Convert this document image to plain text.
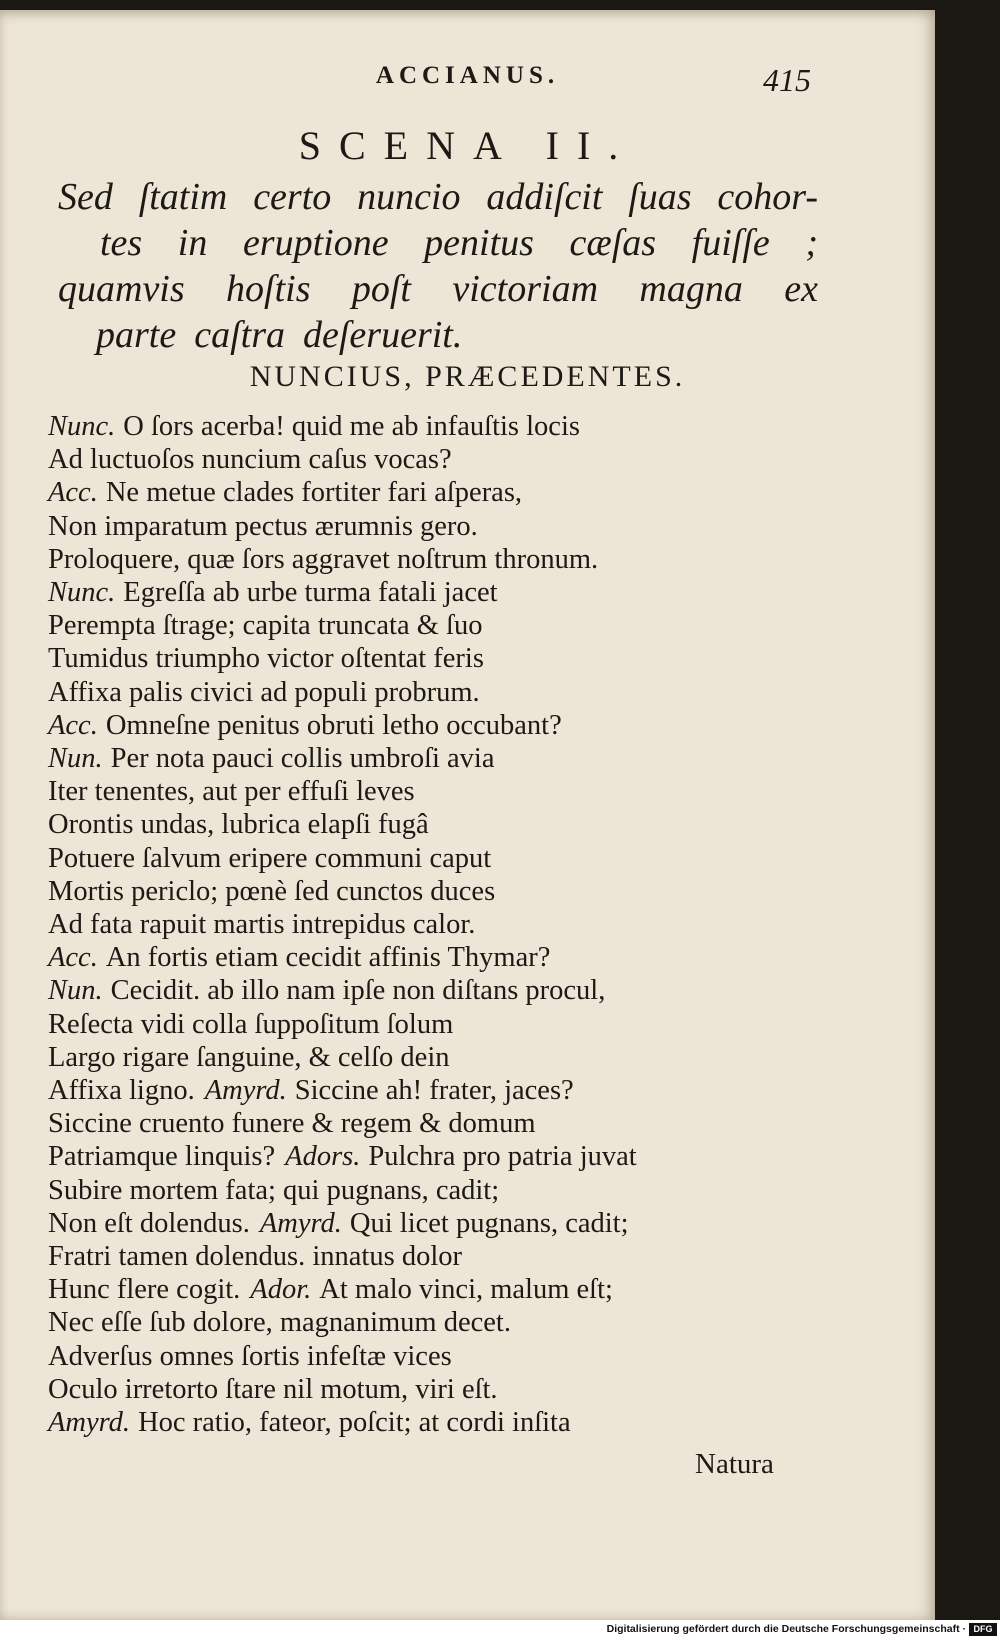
ACCIANUS.	415
SCENA II.
Sed ſtatim certo nuncio addiſcit ſuas cohor-
tes in eruptione penitus cæſas fuiſſe ;
quamvis hoſtis poſt victoriam magna ex
parte caſtra deſeruerit.
NUNCIUS, PRÆCEDENTES.
Nunc. O ſors acerba! quid me ab infauſtis locis
Ad luctuoſos nuncium caſus vocas?
Acc. Ne metue clades fortiter fari aſperas,
Non imparatum pectus ærumnis gero.
Proloquere, quæ ſors aggravet noſtrum thronum.
Nunc. Egreſſa ab urbe turma fatali jacet
Perempta ſtrage; capita truncata & ſuo
Tumidus triumpho victor oſtentat feris
Affixa palis civici ad populi probrum.
Acc. Omneſne penitus obruti letho occubant?
Nun. Per nota pauci collis umbroſi avia
Iter tenentes, aut per effuſi leves
Orontis undas, lubrica elapſi fugâ
Potuere ſalvum eripere communi caput
Mortis periclo; pœnè ſed cunctos duces
Ad fata rapuit martis intrepidus calor.
Acc. An fortis etiam cecidit affinis Thymar?
Nun. Cecidit. ab illo nam ipſe non diſtans procul,
Reſecta vidi colla ſuppoſitum ſolum
Largo rigare ſanguine, & celſo dein
Affixa ligno. Amyrd. Siccine ah! frater, jaces?
Siccine cruento funere & regem & domum
Patriamque linquis? Adors. Pulchra pro patria juvat
Subire mortem fata; qui pugnans, cadit;
Non eſt dolendus. Amyrd. Qui licet pugnans, cadit;
Fratri tamen dolendus. innatus dolor
Hunc flere cogit. Ador. At malo vinci, malum eſt;
Nec eſſe ſub dolore, magnanimum decet.
Adverſus omnes ſortis infeſtæ vices
Oculo irretorto ſtare nil motum, viri eſt.
Amyrd. Hoc ratio, fateor, poſcit; at cordi inſita
Natura
Digitalisierung gefördert durch die Deutsche Forschungsgemeinschaft · DFG
